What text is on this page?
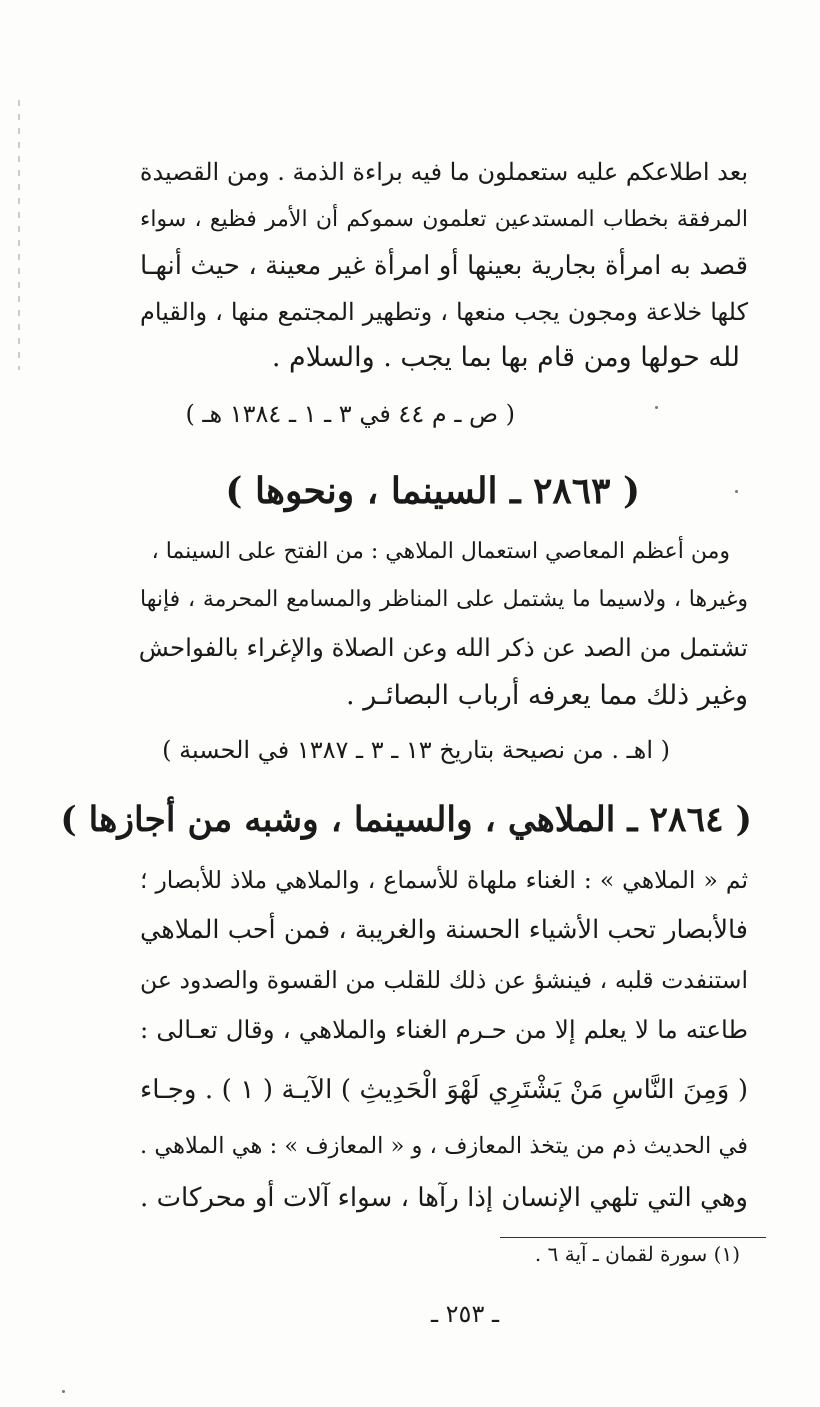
بعد اطلاعكم عليه ستعملون ما فيه براءة الذمة . ومن القصيدة
المرفقة بخطاب المستدعين تعلمون سموكم أن الأمر فظيع ، سواء
قصد به امرأة بجارية بعينها أو امرأة غير معينة ، حيث أنهـا
كلها خلاعة ومجون يجب منعها ، وتطهير المجتمع منها ، والقيام
لله حولها ومن قام بها بما يجب . والسلام .
( ص ـ م ٤٤ في ٣ ـ ١ ـ ١٣٨٤ هـ )
( ٢٨٦٣ ـ السينما ، ونحوها )
ومن أعظم المعاصي استعمال الملاهي : من الفتح على السينما ،
وغيرها ، ولاسيما ما يشتمل على المناظر والمسامع المحرمة ، فإنها
تشتمل من الصد عن ذكر الله وعن الصلاة والإغراء بالفواحش
وغير ذلك مما يعرفه أرباب البصائـر .
( اهـ . من نصيحة بتاريخ ١٣ ـ ٣ ـ ١٣٨٧ في الحسبة )
( ٢٨٦٤ ـ الملاهي ، والسينما ، وشبه من أجازها )
ثم « الملاهي » : الغناء ملهاة للأسماع ، والملاهي ملاذ للأبصار ؛
فالأبصار تحب الأشياء الحسنة والغريبة ، فمن أحب الملاهي
استنفدت قلبه ، فينشؤ عن ذلك للقلب من القسوة والصدود عن
طاعته ما لا يعلم إلا من حـرم الغناء والملاهي ، وقال تعـالى :
( وَمِنَ النَّاسِ مَنْ يَشْتَرِي لَهْوَ الْحَدِيثِ ) الآيـة ( ١ ) . وجـاء
في الحديث ذم من يتخذ المعازف ، و « المعازف » : هي الملاهي .
وهي التي تلهي الإنسان إذا رآها ، سواء آلات أو محركات .
(١) سورة لقمان ـ آية ٦ .
ـ ٢٥٣ ـ
